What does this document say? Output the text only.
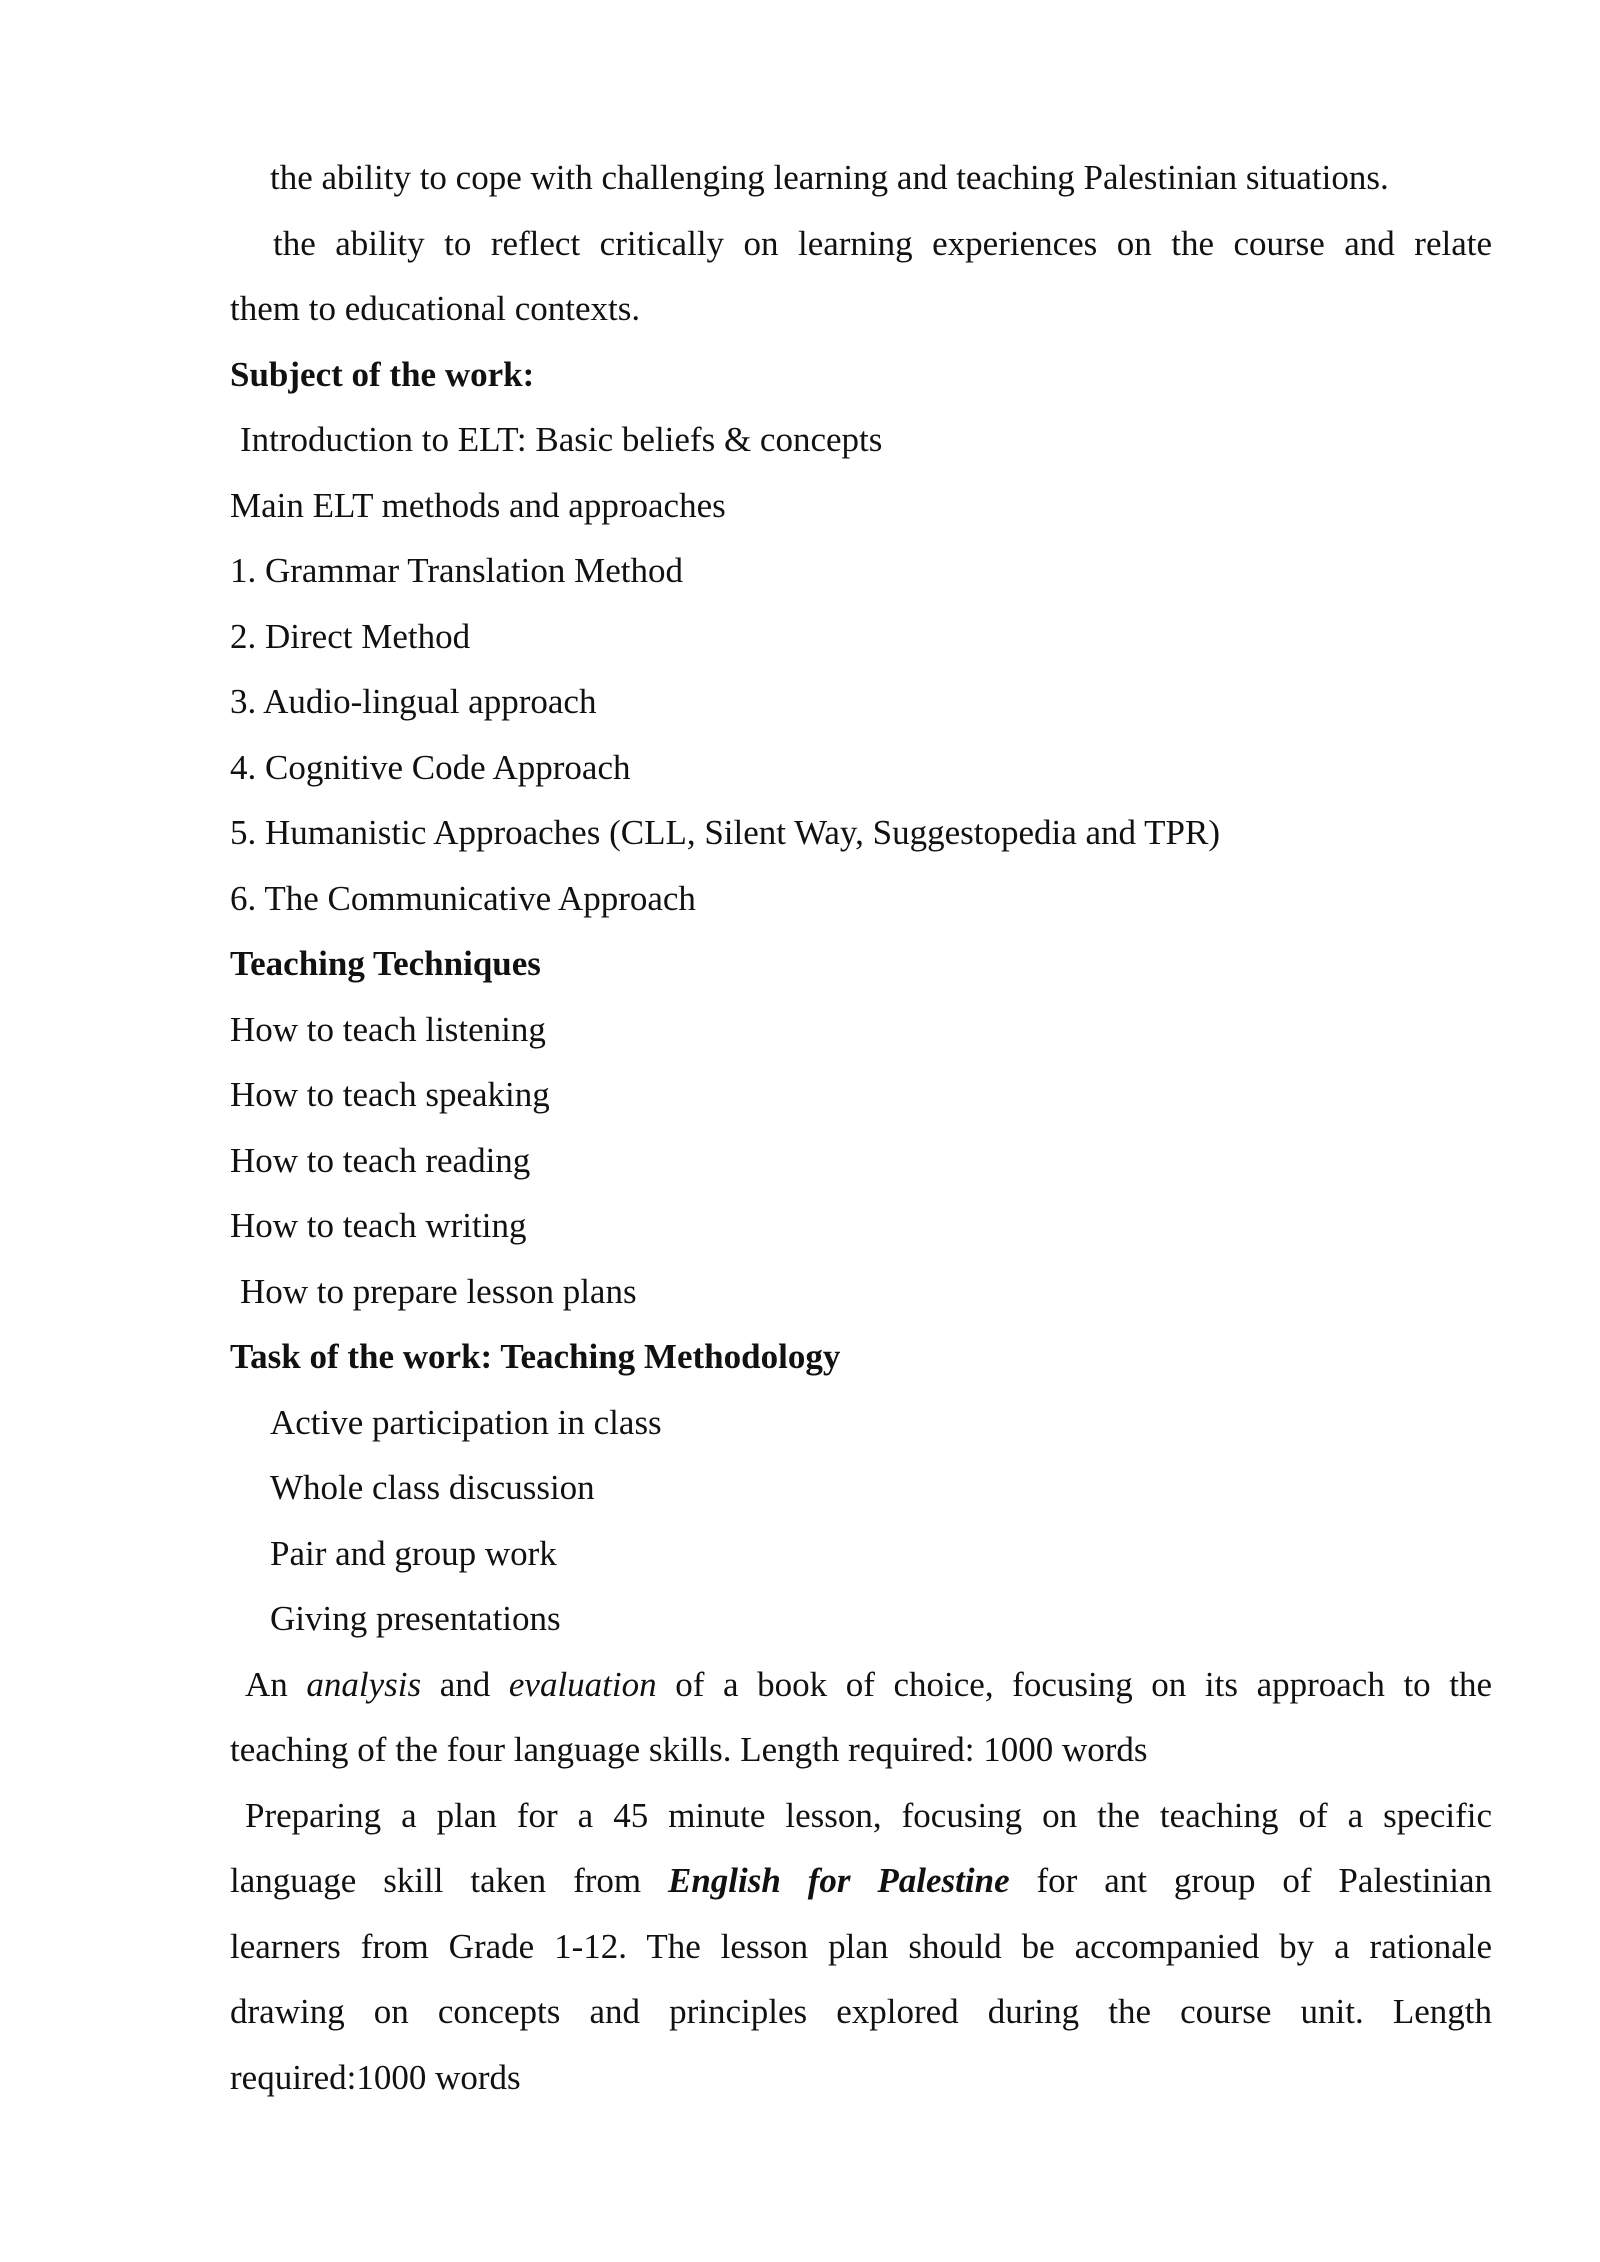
the ability to cope with challenging learning and teaching Palestinian situations.
the ability to reflect critically on learning experiences on the course and relate
them to educational contexts.
Subject of the work:
Introduction to ELT: Basic beliefs & concepts
Main ELT methods and approaches
1. Grammar Translation Method
2. Direct Method
3. Audio-lingual approach
4. Cognitive Code Approach
5. Humanistic Approaches (CLL, Silent Way, Suggestopedia and TPR)
6. The Communicative Approach
Teaching Techniques
How to teach listening
How to teach speaking
How to teach reading
How to teach writing
How to prepare lesson plans
Task of the work: Teaching Methodology
Active participation in class
Whole class discussion
Pair and group work
Giving presentations
An analysis and evaluation of a book of choice, focusing on its approach to the
teaching of the four language skills. Length required: 1000 words
Preparing a plan for a 45 minute lesson, focusing on the teaching of a specific
language skill taken from English for Palestine for ant group of Palestinian
learners from Grade 1-12. The lesson plan should be accompanied by a rationale
drawing on concepts and principles explored during the course unit. Length
required:1000 words
